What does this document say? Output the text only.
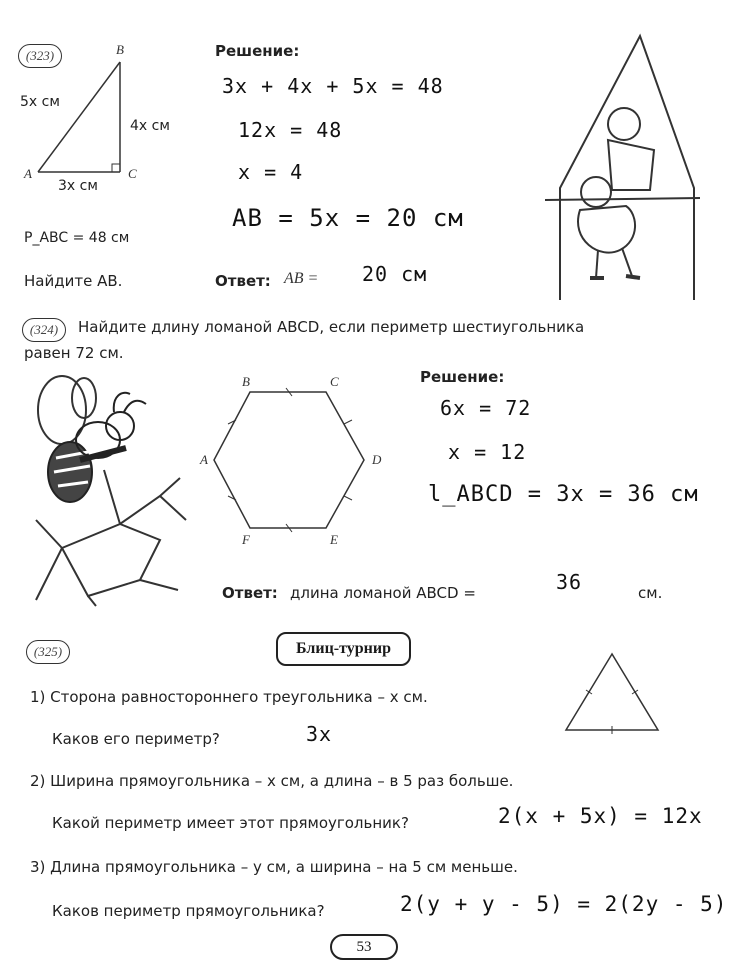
(323)	B
A	C
5x см
4x см
3x см
P_ABC = 48 см
Найдите AB.
Решение:
3x + 4x + 5x = 48
12x = 48
x = 4
AB = 5x = 20 см
Ответ: AB = 20 см
(324)	Найдите длину ломаной ABCD, если периметр шестиугольника
равен 72 см.
B	C
A	D
F	E
Решение:
6x = 72
x = 12
l_ABCD = 3x = 36 см
Ответ: длина ломаной ABCD =	36	см.
(325)	Блиц-турнир
1) Сторона равностороннего треугольника – x см.
Каков его периметр?	3x
2) Ширина прямоугольника – x см, а длина – в 5 раз больше.
Какой периметр имеет этот прямоугольник?	2(x + 5x) = 12x
3) Длина прямоугольника – y см, а ширина – на 5 см меньше.
Каков периметр прямоугольника?	2(y + y - 5) = 2(2y - 5)
53
